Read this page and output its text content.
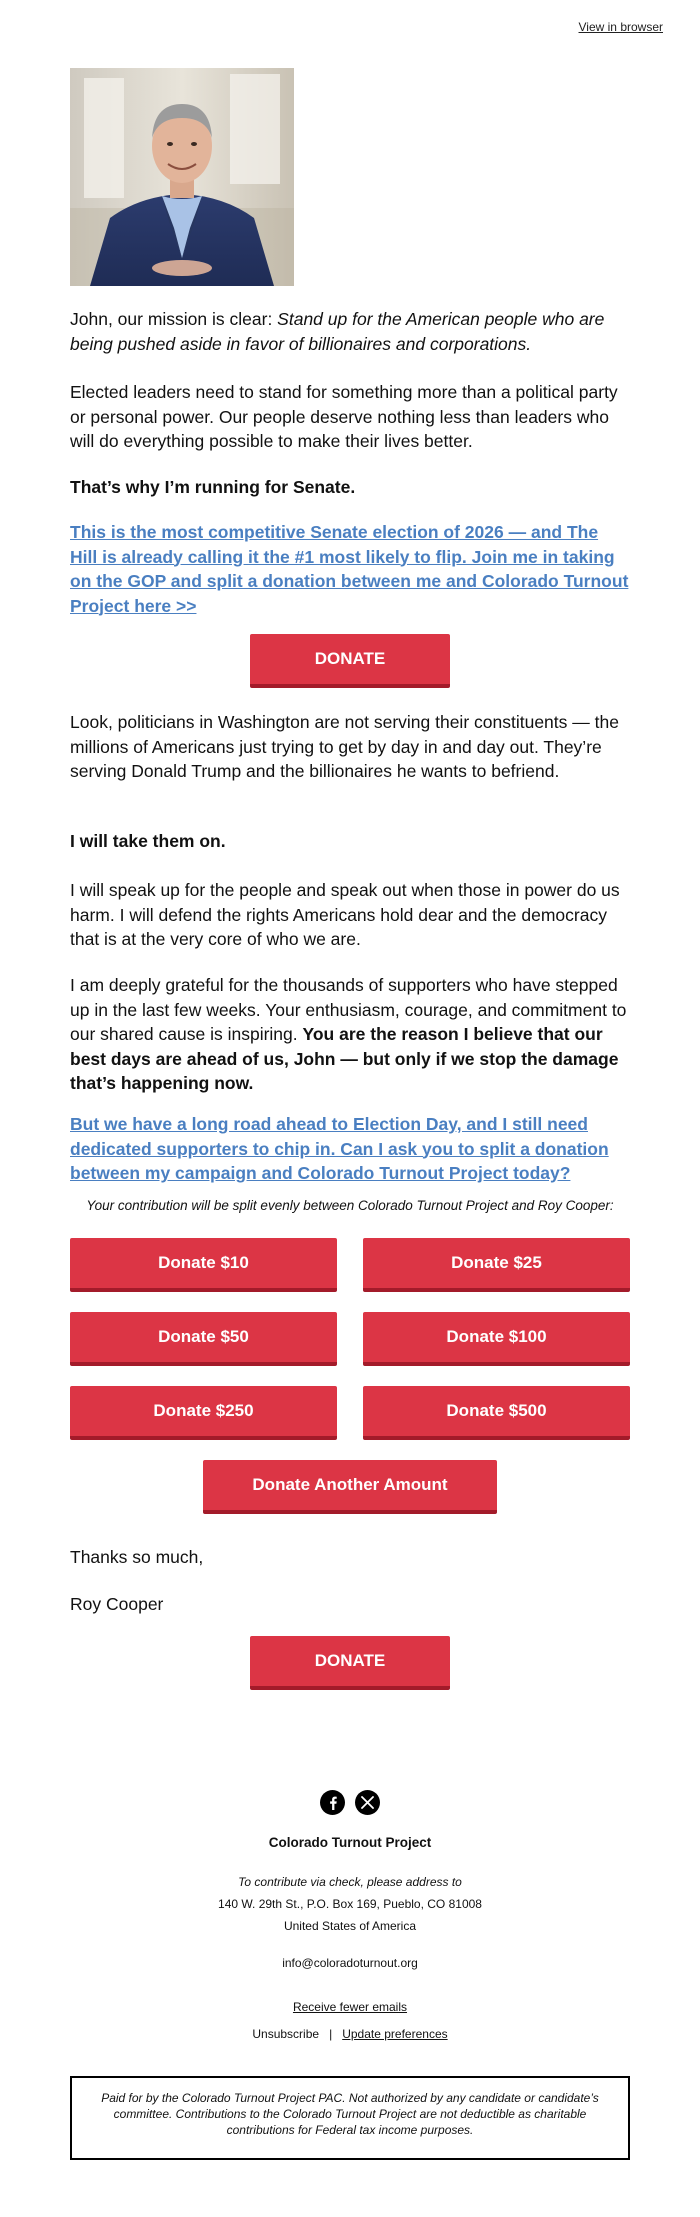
View in browser

John, our mission is clear: Stand up for the American people who are being pushed aside in favor of billionaires and corporations.

Elected leaders need to stand for something more than a political party or personal power. Our people deserve nothing less than leaders who will do everything possible to make their lives better.

That’s why I’m running for Senate.

This is the most competitive Senate election of 2026 — and The Hill is already calling it the #1 most likely to flip. Join me in taking on the GOP and split a donation between me and Colorado Turnout Project here >>
DONATE

Look, politicians in Washington are not serving their constituents — the millions of Americans just trying to get by day in and day out. They’re serving Donald Trump and the billionaires he wants to befriend.

I will take them on.

I will speak up for the people and speak out when those in power do us harm. I will defend the rights Americans hold dear and the democracy that is at the very core of who we are.

I am deeply grateful for the thousands of supporters who have stepped up in the last few weeks. Your enthusiasm, courage, and commitment to our shared cause is inspiring. You are the reason I believe that our best days are ahead of us, John — but only if we stop the damage that’s happening now.

But we have a long road ahead to Election Day, and I still need dedicated supporters to chip in. Can I ask you to split a donation between my campaign and Colorado Turnout Project today?
Your contribution will be split evenly between Colorado Turnout Project and Roy Cooper:
Donate $10	Donate $25
Donate $50	Donate $100
Donate $250	Donate $500
Donate Another Amount

Thanks so much,

Roy Cooper

DONATE
Colorado Turnout Project
To contribute via check, please address to
140 W. 29th St., P.O. Box 169, Pueblo, CO 81008
United States of America
info@coloradoturnout.org
Receive fewer emails
Unsubscribe | Update preferences
Paid for by the Colorado Turnout Project PAC. Not authorized by any candidate or candidate’s committee. Contributions to the Colorado Turnout Project are not deductible as charitable contributions for Federal tax income purposes.
